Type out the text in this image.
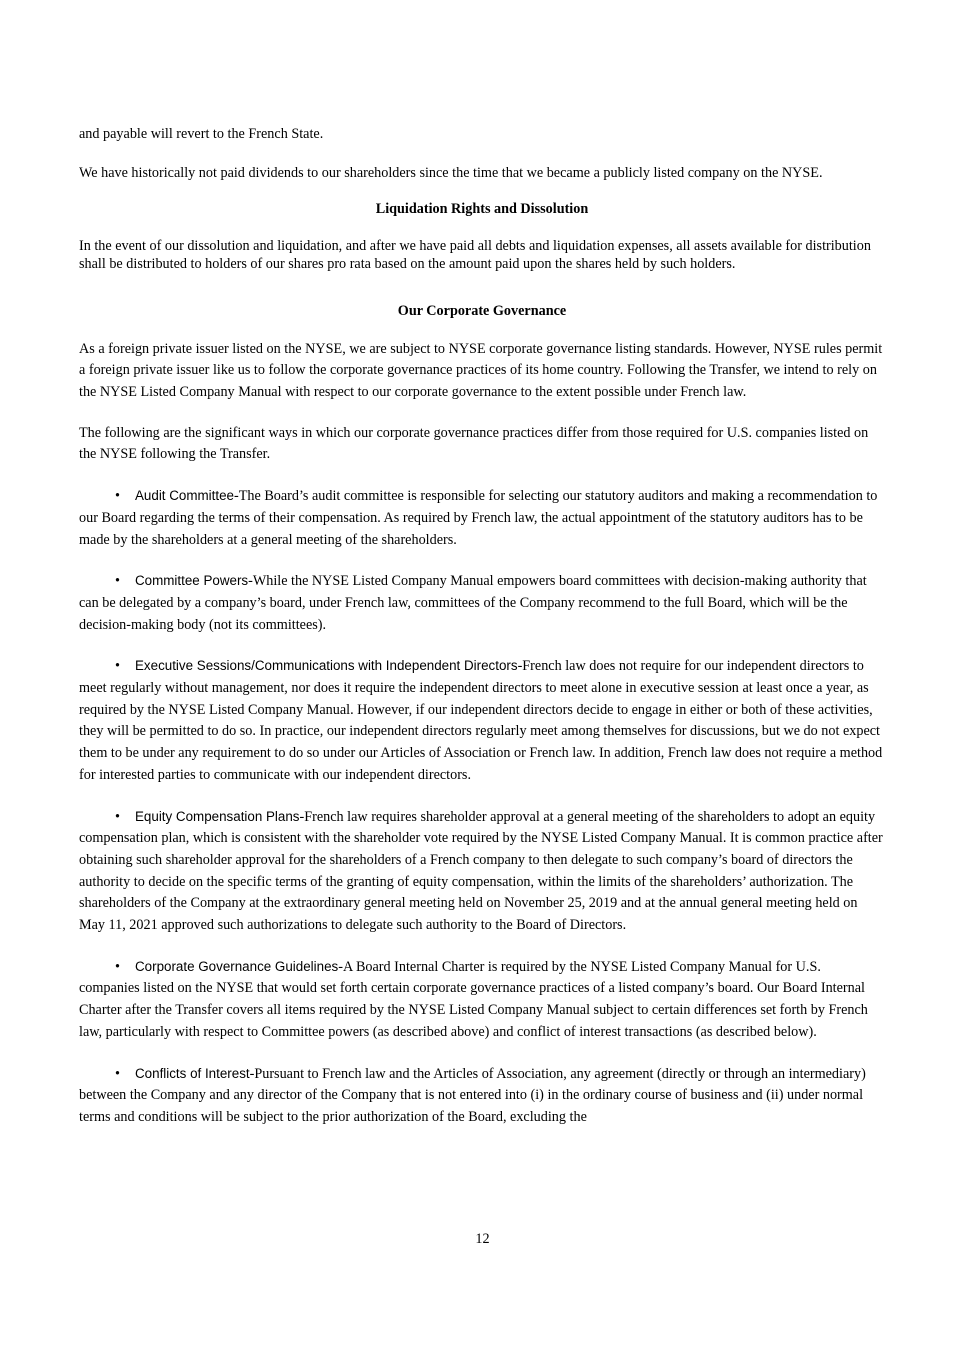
and payable will revert to the French State.

We have historically not paid dividends to our shareholders since the time that we became a publicly listed company on the NYSE.

Liquidation Rights and Dissolution

In the event of our dissolution and liquidation, and after we have paid all debts and liquidation expenses, all assets available for distribution shall be distributed to holders of our shares pro rata based on the amount paid upon the shares held by such holders.

Our Corporate Governance

As a foreign private issuer listed on the NYSE, we are subject to NYSE corporate governance listing standards. However, NYSE rules permit a foreign private issuer like us to follow the corporate governance practices of its home country. Following the Transfer, we intend to rely on the NYSE Listed Company Manual with respect to our corporate governance to the extent possible under French law.

The following are the significant ways in which our corporate governance practices differ from those required for U.S. companies listed on the NYSE following the Transfer.

• Audit Committee-The Board’s audit committee is responsible for selecting our statutory auditors and making a recommendation to our Board regarding the terms of their compensation. As required by French law, the actual appointment of the statutory auditors has to be made by the shareholders at a general meeting of the shareholders.

• Committee Powers-While the NYSE Listed Company Manual empowers board committees with decision-making authority that can be delegated by a company’s board, under French law, committees of the Company recommend to the full Board, which will be the decision-making body (not its committees).

• Executive Sessions/Communications with Independent Directors-French law does not require for our independent directors to meet regularly without management, nor does it require the independent directors to meet alone in executive session at least once a year, as required by the NYSE Listed Company Manual. However, if our independent directors decide to engage in either or both of these activities, they will be permitted to do so. In practice, our independent directors regularly meet among themselves for discussions, but we do not expect them to be under any requirement to do so under our Articles of Association or French law. In addition, French law does not require a method for interested parties to communicate with our independent directors.

• Equity Compensation Plans-French law requires shareholder approval at a general meeting of the shareholders to adopt an equity compensation plan, which is consistent with the shareholder vote required by the NYSE Listed Company Manual. It is common practice after obtaining such shareholder approval for the shareholders of a French company to then delegate to such company’s board of directors the authority to decide on the specific terms of the granting of equity compensation, within the limits of the shareholders’ authorization. The shareholders of the Company at the extraordinary general meeting held on November 25, 2019 and at the annual general meeting held on May 11, 2021 approved such authorizations to delegate such authority to the Board of Directors.

• Corporate Governance Guidelines-A Board Internal Charter is required by the NYSE Listed Company Manual for U.S. companies listed on the NYSE that would set forth certain corporate governance practices of a listed company’s board. Our Board Internal Charter after the Transfer covers all items required by the NYSE Listed Company Manual subject to certain differences set forth by French law, particularly with respect to Committee powers (as described above) and conflict of interest transactions (as described below).

• Conflicts of Interest-Pursuant to French law and the Articles of Association, any agreement (directly or through an intermediary) between the Company and any director of the Company that is not entered into (i) in the ordinary course of business and (ii) under normal terms and conditions will be subject to the prior authorization of the Board, excluding the

12
